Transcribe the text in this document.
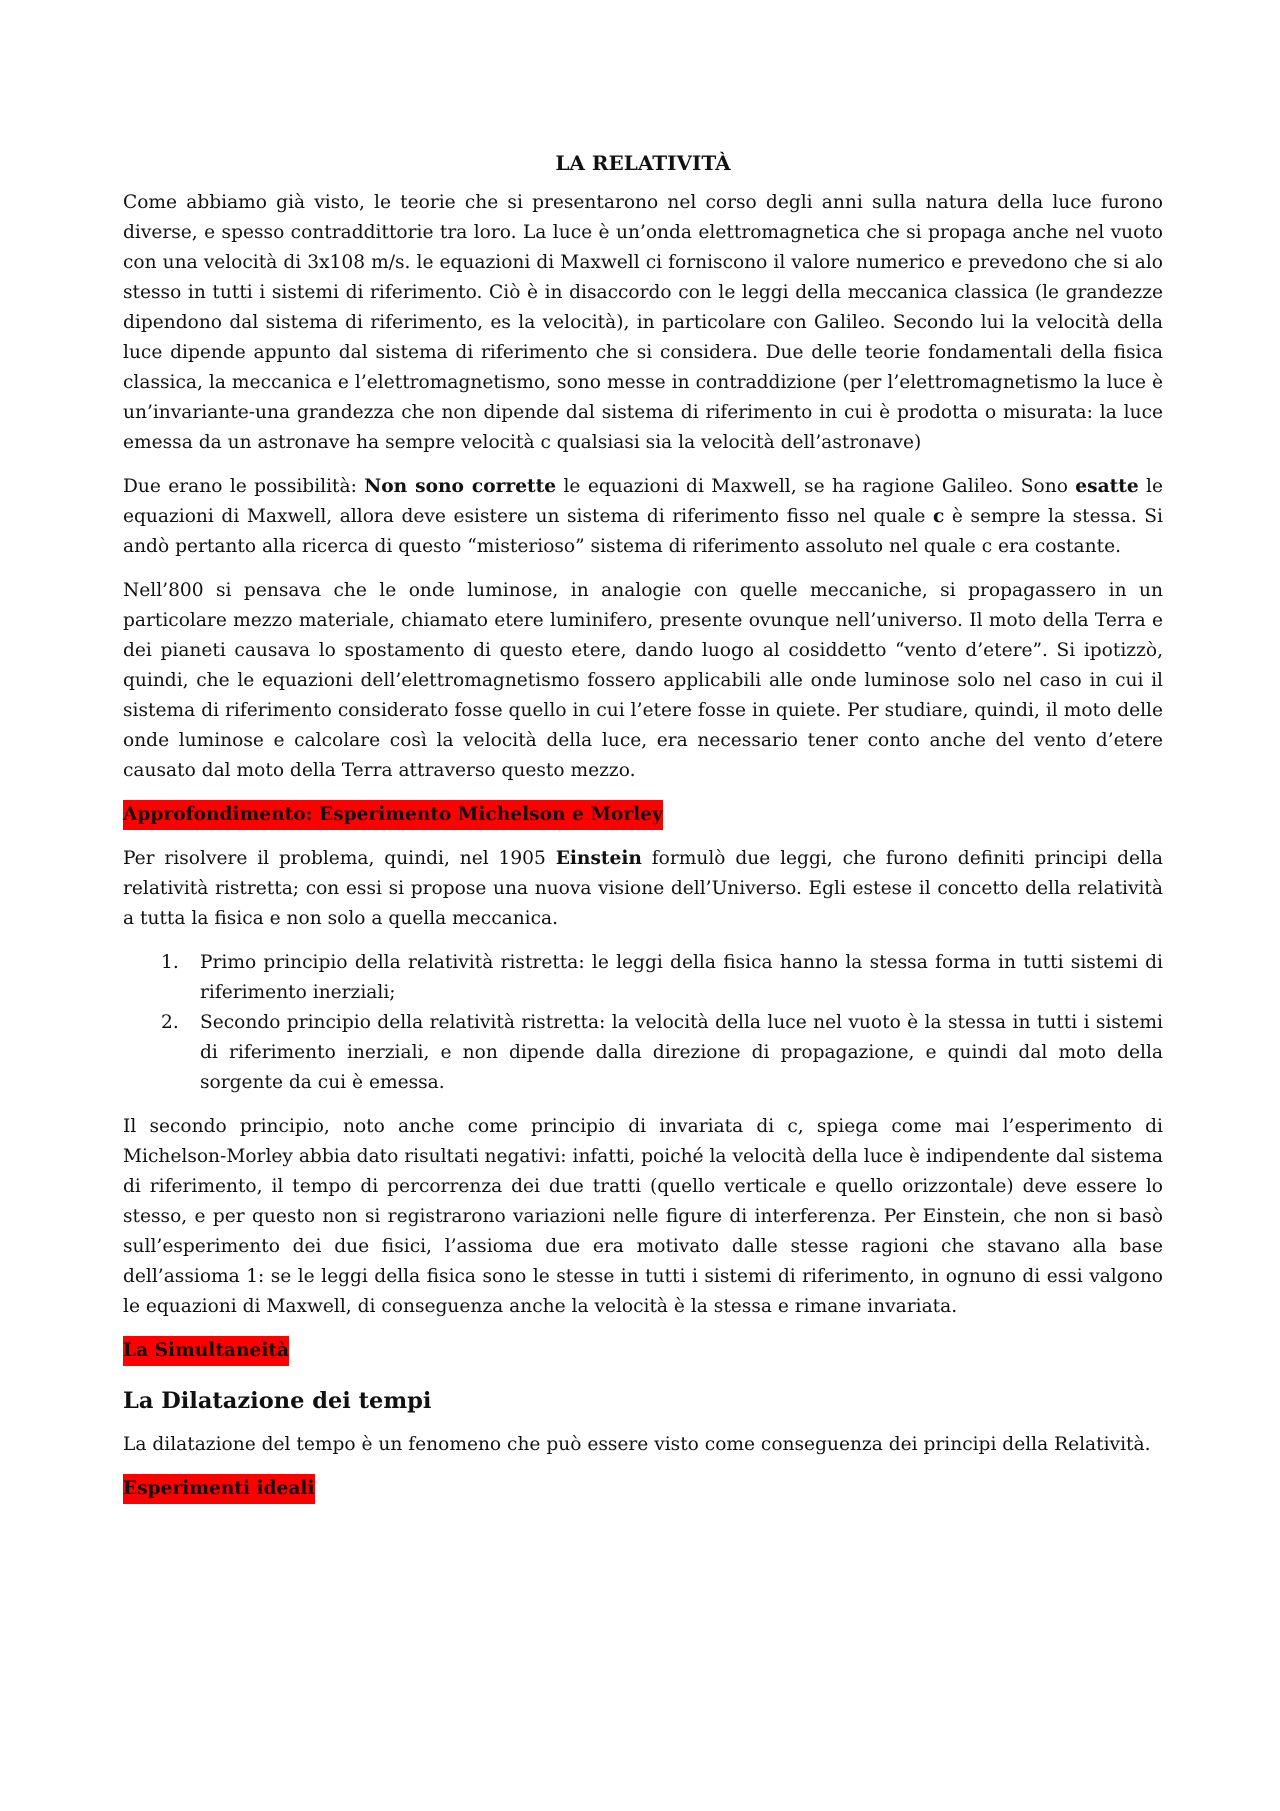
LA RELATIVITÀ

Come abbiamo già visto, le teorie che si presentarono nel corso degli anni sulla natura della luce furono diverse, e spesso contraddittorie tra loro. La luce è un’onda elettromagnetica che si propaga anche nel vuoto con una velocità di 3x108 m/s. le equazioni di Maxwell ci forniscono il valore numerico e prevedono che si alo stesso in tutti i sistemi di riferimento. Ciò è in disaccordo con le leggi della meccanica classica (le grandezze dipendono dal sistema di riferimento, es la velocità), in particolare con Galileo. Secondo lui la velocità della luce dipende appunto dal sistema di riferimento che si considera. Due delle teorie fondamentali della fisica classica, la meccanica e l’elettromagnetismo, sono messe in contraddizione (per l’elettromagnetismo la luce è un’invariante-una grandezza che non dipende dal sistema di riferimento in cui è prodotta o misurata: la luce emessa da un astronave ha sempre velocità c qualsiasi sia la velocità dell’astronave)

Due erano le possibilità: Non sono corrette le equazioni di Maxwell, se ha ragione Galileo. Sono esatte le equazioni di Maxwell, allora deve esistere un sistema di riferimento fisso nel quale c è sempre la stessa. Si andò pertanto alla ricerca di questo “misterioso” sistema di riferimento assoluto nel quale c era costante.

Nell’800 si pensava che le onde luminose, in analogie con quelle meccaniche, si propagassero in un particolare mezzo materiale, chiamato etere luminifero, presente ovunque nell’universo. Il moto della Terra e dei pianeti causava lo spostamento di questo etere, dando luogo al cosiddetto “vento d’etere”. Si ipotizzò, quindi, che le equazioni dell’elettromagnetismo fossero applicabili alle onde luminose solo nel caso in cui il sistema di riferimento considerato fosse quello in cui l’etere fosse in quiete. Per studiare, quindi, il moto delle onde luminose e calcolare così la velocità della luce, era necessario tener conto anche del vento d’etere causato dal moto della Terra attraverso questo mezzo.

Approfondimento: Esperimento Michelson e Morley

Per risolvere il problema, quindi, nel 1905 Einstein formulò due leggi, che furono definiti principi della relatività ristretta; con essi si propose una nuova visione dell’Universo. Egli estese il concetto della relatività a tutta la fisica e non solo a quella meccanica.

1. Primo principio della relatività ristretta: le leggi della fisica hanno la stessa forma in tutti sistemi di riferimento inerziali;
2. Secondo principio della relatività ristretta: la velocità della luce nel vuoto è la stessa in tutti i sistemi di riferimento inerziali, e non dipende dalla direzione di propagazione, e quindi dal moto della sorgente da cui è emessa.

Il secondo principio, noto anche come principio di invariata di c, spiega come mai l’esperimento di Michelson-Morley abbia dato risultati negativi: infatti, poiché la velocità della luce è indipendente dal sistema di riferimento, il tempo di percorrenza dei due tratti (quello verticale e quello orizzontale) deve essere lo stesso, e per questo non si registrarono variazioni nelle figure di interferenza. Per Einstein, che non si basò sull’esperimento dei due fisici, l’assioma due era motivato dalle stesse ragioni che stavano alla base dell’assioma 1: se le leggi della fisica sono le stesse in tutti i sistemi di riferimento, in ognuno di essi valgono le equazioni di Maxwell, di conseguenza anche la velocità è la stessa e rimane invariata.

La Simultaneità
La Dilatazione dei tempi

La dilatazione del tempo è un fenomeno che può essere visto come conseguenza dei principi della Relatività.

Esperimenti ideali
